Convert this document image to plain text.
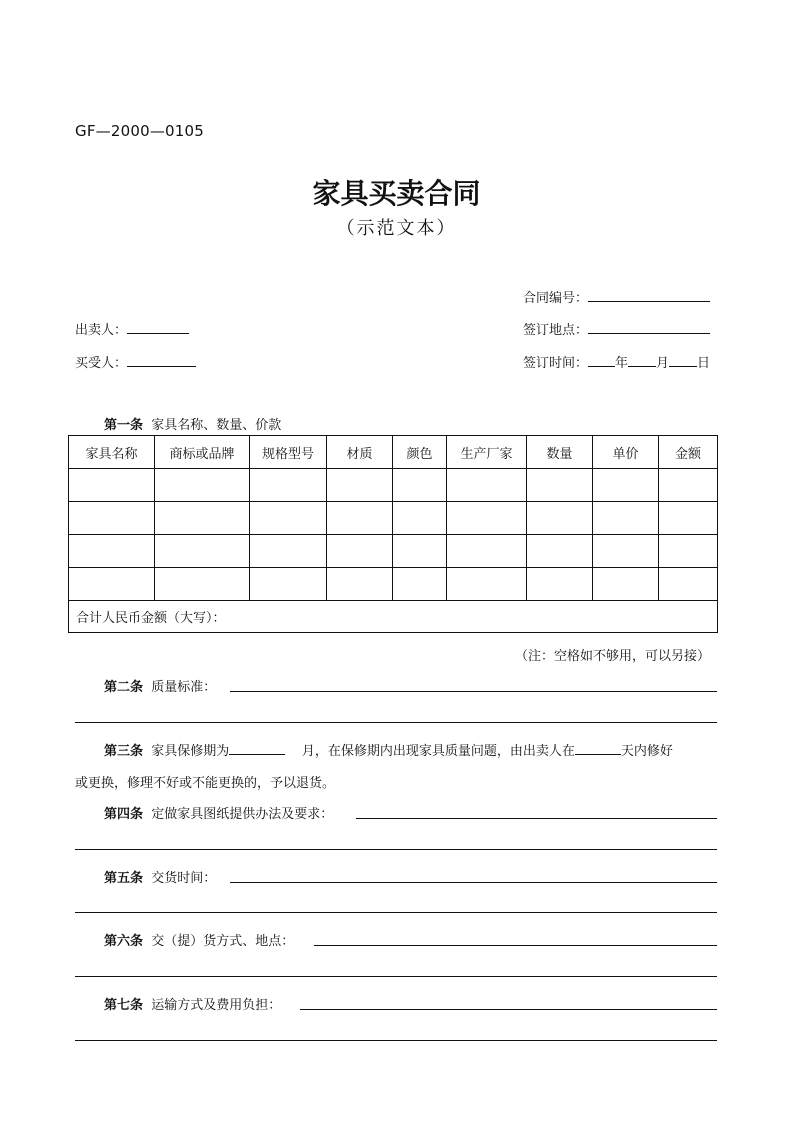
GF—2000—0105
家具买卖合同
（示范文本）
合同编号：
出卖人：	签订地点：
买受人：	签订时间： 年 月 日
第一条 家具名称、数量、价款
家具名称	商标或品牌	规格型号	材质	颜色	生产厂家	数量	单价	金额

合计人民币金额（大写）：								
（注：空格如不够用，可以另接）
第二条 质量标准：
第三条 家具保修期为	月，在保修期内出现家具质量问题，由出卖人在	天内修好
或更换，修理不好或不能更换的，予以退货。
第四条 定做家具图纸提供办法及要求：
第五条 交货时间：
第六条 交（提）货方式、地点：
第七条 运输方式及费用负担：
